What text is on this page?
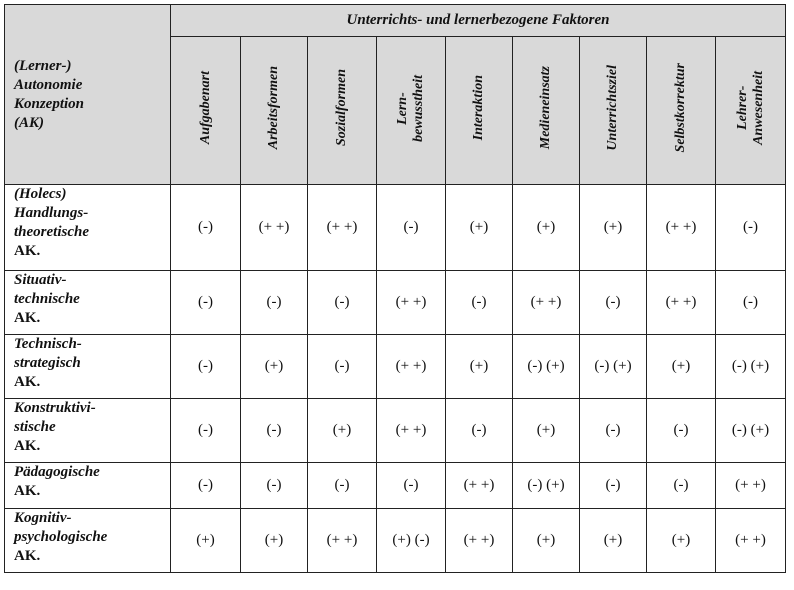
(Lerner-)
Autonomie
Konzeption
(AK)	Unterrichts- und lernerbezogene Faktoren								

	Aufgabenart	Arbeitsformen	Sozialformen	Lern- bewusstheit	Interaktion	Medieneinsatz	Unterrichtsziel	Selbstkorrektur	Lehrer- Anwesenheit

(Holecs)
Handlungs-
theoretische
AK.	(-)	(+ +)	(+ +)	(-)	(+)	(+)	(+)	(+ +)	(-)

Situativ-
technische
AK.	(-)	(-)	(-)	(+ +)	(-)	(+ +)	(-)	(+ +)	(-)

Technisch-
strategisch
AK.	(-)	(+)	(-)	(+ +)	(+)	(-) (+)	(-) (+)	(+)	(-) (+)

Konstruktivi-
stische
AK.	(-)	(-)	(+)	(+ +)	(-)	(+)	(-)	(-)	(-) (+)

Pädagogische
AK.	(-)	(-)	(-)	(-)	(+ +)	(-) (+)	(-)	(-)	(+ +)

Kognitiv-
psychologische
AK.	(+)	(+)	(+ +)	(+) (-)	(+ +)	(+)	(+)	(+)	(+ +)
